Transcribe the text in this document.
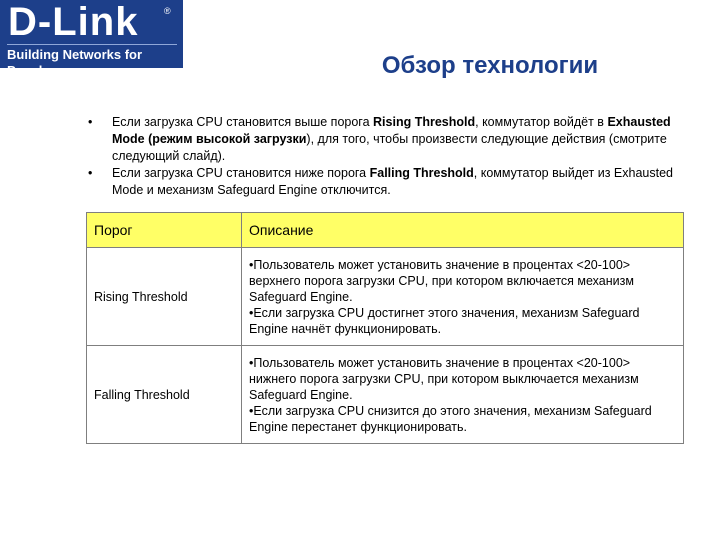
D-Link	®
Building Networks for People	Обзор технологии
•	Если загрузка CPU становится выше порога Rising Threshold, коммутатор войдёт в Exhausted Mode (режим высокой загрузки), для того, чтобы произвести следующие действия (смотрите следующий слайд).
•	Если загрузка CPU становится ниже порога Falling Threshold, коммутатор выйдет из Exhausted Mode и механизм Safeguard Engine отключится.
Порог	Описание
Rising Threshold	•Пользователь может установить значение в процентах <20-100> верхнего порога загрузки CPU, при котором включается механизм Safeguard Engine.

•Если загрузка CPU достигнет этого значения, механизм Safeguard Engine начнёт функционировать.

Falling Threshold	•Пользователь может установить значение в процентах <20-100> нижнего порога загрузки CPU, при котором выключается механизм Safeguard Engine.

•Если загрузка CPU снизится до этого значения, механизм Safeguard Engine перестанет функционировать.
